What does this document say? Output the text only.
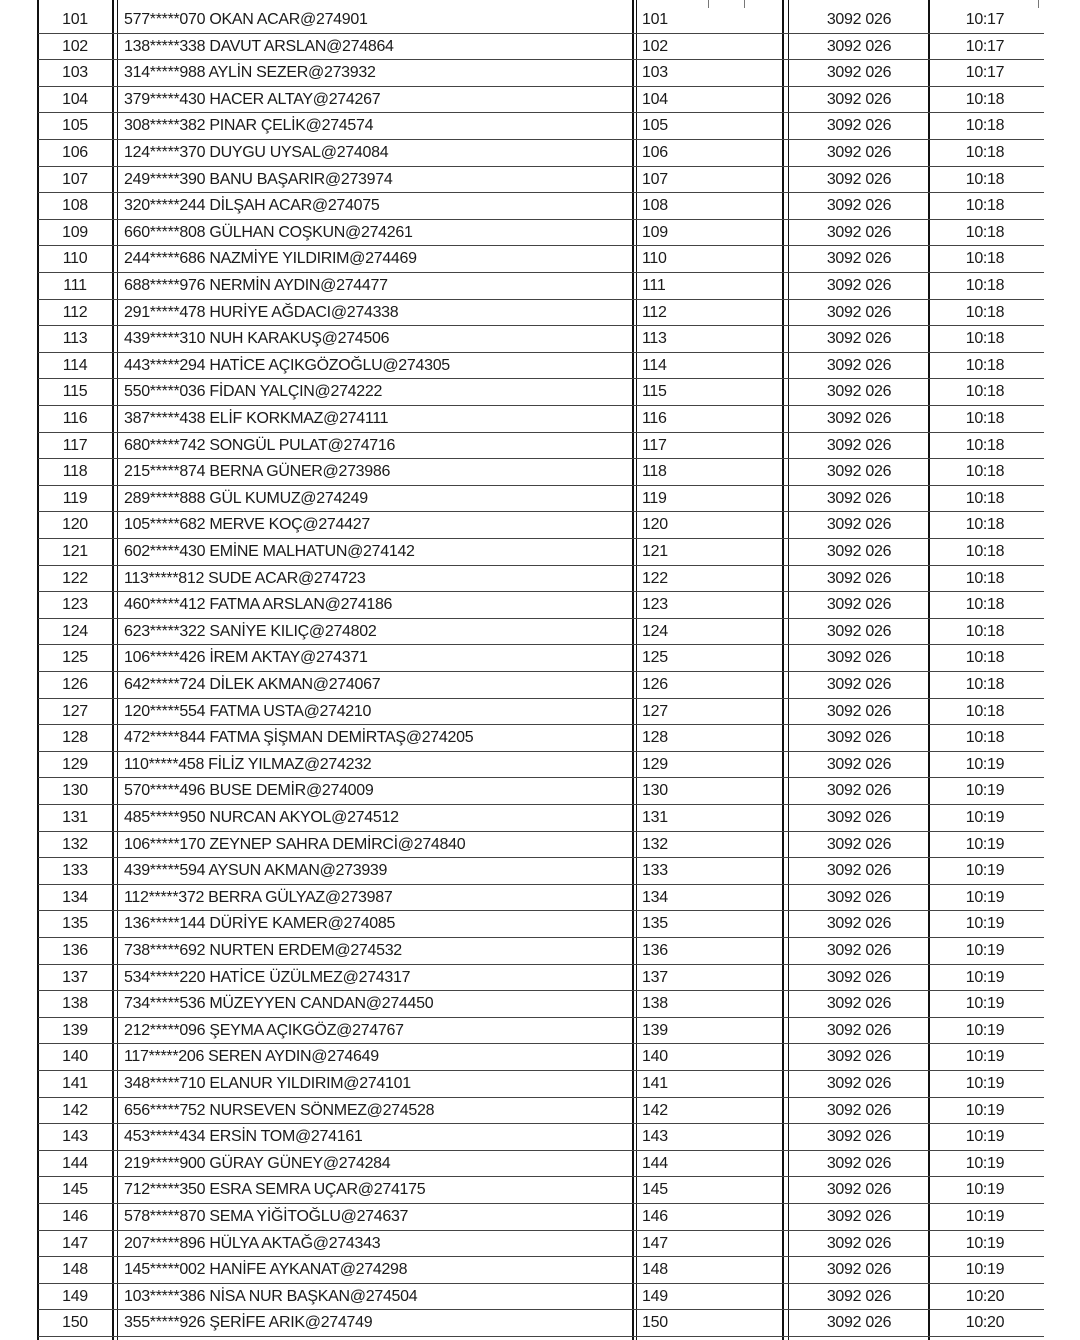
101	577*****070 OKAN ACAR@274901	101	3092 026	10:17
102	138*****338 DAVUT ARSLAN@274864	102	3092 026	10:17
103	314*****988 AYLİN SEZER@273932	103	3092 026	10:17
104	379*****430 HACER ALTAY@274267	104	3092 026	10:18
105	308*****382 PINAR ÇELİK@274574	105	3092 026	10:18
106	124*****370 DUYGU UYSAL@274084	106	3092 026	10:18
107	249*****390 BANU BAŞARIR@273974	107	3092 026	10:18
108	320*****244 DİLŞAH ACAR@274075	108	3092 026	10:18
109	660*****808 GÜLHAN COŞKUN@274261	109	3092 026	10:18
110	244*****686 NAZMİYE YILDIRIM@274469	110	3092 026	10:18
111	688*****976 NERMİN AYDIN@274477	111	3092 026	10:18
112	291*****478 HURİYE AĞDACI@274338	112	3092 026	10:18
113	439*****310 NUH KARAKUŞ@274506	113	3092 026	10:18
114	443*****294 HATİCE AÇIKGÖZOĞLU@274305	114	3092 026	10:18
115	550*****036 FİDAN YALÇIN@274222	115	3092 026	10:18
116	387*****438 ELİF KORKMAZ@274111	116	3092 026	10:18
117	680*****742 SONGÜL PULAT@274716	117	3092 026	10:18
118	215*****874 BERNA GÜNER@273986	118	3092 026	10:18
119	289*****888 GÜL KUMUZ@274249	119	3092 026	10:18
120	105*****682 MERVE KOÇ@274427	120	3092 026	10:18
121	602*****430 EMİNE MALHATUN@274142	121	3092 026	10:18
122	113*****812 SUDE ACAR@274723	122	3092 026	10:18
123	460*****412 FATMA ARSLAN@274186	123	3092 026	10:18
124	623*****322 SANİYE KILIÇ@274802	124	3092 026	10:18
125	106*****426 İREM AKTAY@274371	125	3092 026	10:18
126	642*****724 DİLEK AKMAN@274067	126	3092 026	10:18
127	120*****554 FATMA USTA@274210	127	3092 026	10:18
128	472*****844 FATMA ŞİŞMAN DEMİRTAŞ@274205	128	3092 026	10:18
129	110*****458 FİLİZ YILMAZ@274232	129	3092 026	10:19
130	570*****496 BUSE DEMİR@274009	130	3092 026	10:19
131	485*****950 NURCAN AKYOL@274512	131	3092 026	10:19
132	106*****170 ZEYNEP SAHRA DEMİRCİ@274840	132	3092 026	10:19
133	439*****594 AYSUN AKMAN@273939	133	3092 026	10:19
134	112*****372 BERRA GÜLYAZ@273987	134	3092 026	10:19
135	136*****144 DÜRİYE KAMER@274085	135	3092 026	10:19
136	738*****692 NURTEN ERDEM@274532	136	3092 026	10:19
137	534*****220 HATİCE ÜZÜLMEZ@274317	137	3092 026	10:19
138	734*****536 MÜZEYYEN CANDAN@274450	138	3092 026	10:19
139	212*****096 ŞEYMA AÇIKGÖZ@274767	139	3092 026	10:19
140	117*****206 SEREN AYDIN@274649	140	3092 026	10:19
141	348*****710 ELANUR YILDIRIM@274101	141	3092 026	10:19
142	656*****752 NURSEVEN SÖNMEZ@274528	142	3092 026	10:19
143	453*****434 ERSİN TOM@274161	143	3092 026	10:19
144	219*****900 GÜRAY GÜNEY@274284	144	3092 026	10:19
145	712*****350 ESRA SEMRA UÇAR@274175	145	3092 026	10:19
146	578*****870 SEMA YİĞİTOĞLU@274637	146	3092 026	10:19
147	207*****896 HÜLYA AKTAĞ@274343	147	3092 026	10:19
148	145*****002 HANİFE AYKANAT@274298	148	3092 026	10:19
149	103*****386 NİSA NUR BAŞKAN@274504	149	3092 026	10:20
150	355*****926 ŞERİFE ARIK@274749	150	3092 026	10:20
